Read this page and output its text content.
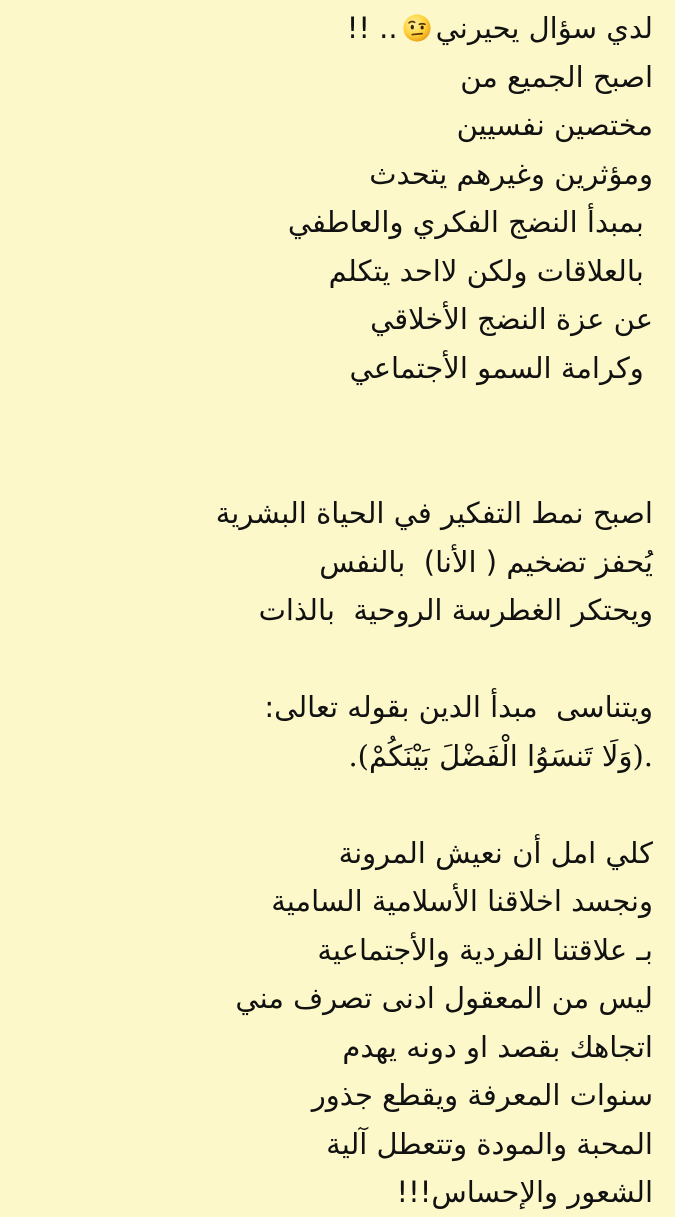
لدي سؤال يحيرني.. !!
اصبح الجميع من
مختصين نفسيين
ومؤثرين وغيرهم يتحدث
بمبدأ النضج الفكري والعاطفي
بالعلاقات ولكن لااحد يتكلم
عن عزة النضج الأخلاقي
وكرامة السمو الأجتماعي
اصبح نمط التفكير في الحياة البشرية
يُحفز تضخيم ( الأنا)  بالنفس
ويحتكر الغطرسة الروحية  بالذات
ويتناسى  مبدأ الدين بقوله تعالى:
.(وَلَا تَنسَوُا الْفَضْلَ بَيْنَكُمْ).
كلي امل أن نعيش المرونة
ونجسد اخلاقنا الأسلامية السامية
بـ علاقتنا الفردية والأجتماعية
ليس من المعقول ادنى تصرف مني
اتجاهك بقصد او دونه يهدم
سنوات المعرفة ويقطع جذور
المحبة والمودة وتتعطل آلية
الشعور والإحساس!!!
